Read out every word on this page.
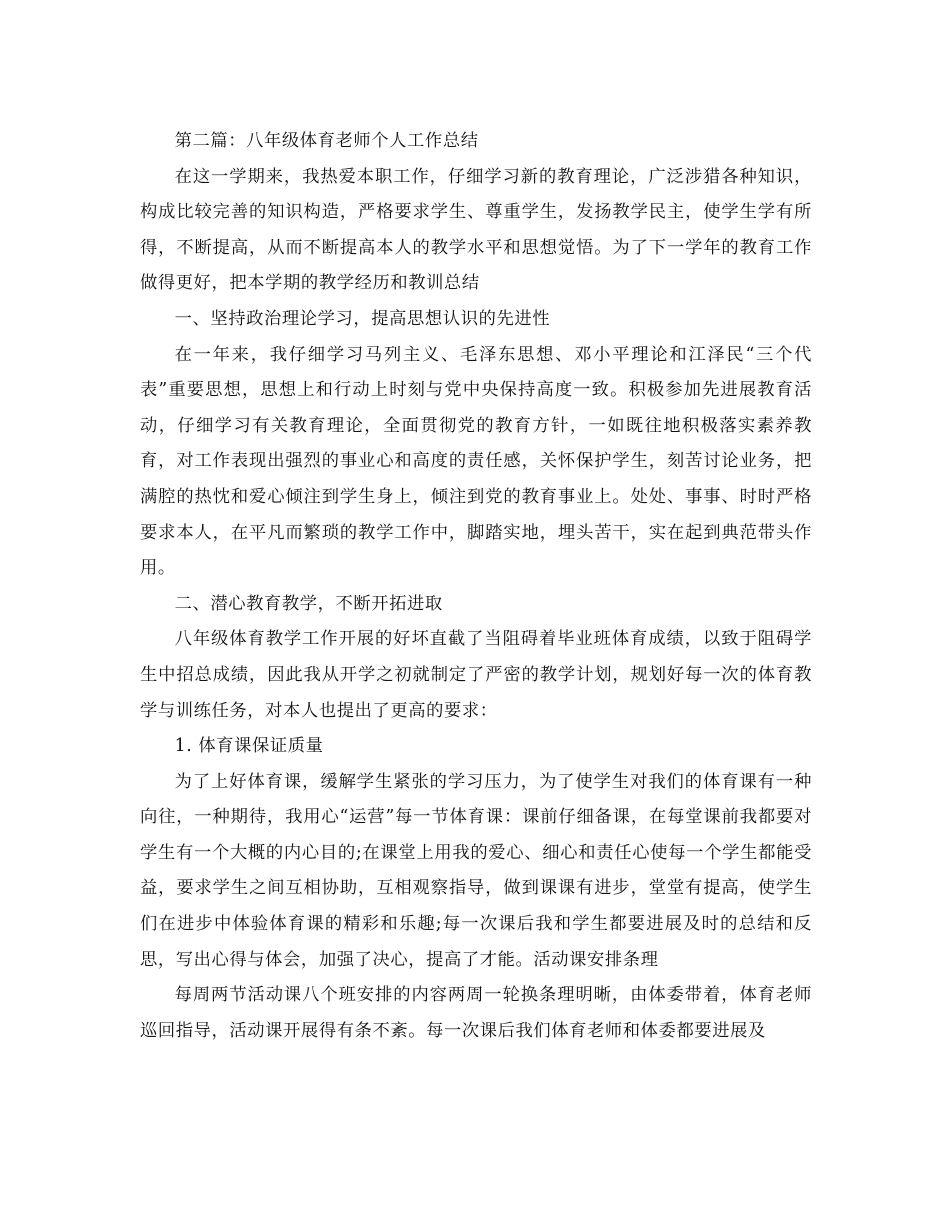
第二篇：八年级体育老师个人工作总结

在这一学期来，我热爱本职工作，仔细学习新的教育理论，广泛涉猎各种知识，构成比较完善的知识构造，严格要求学生、尊重学生，发扬教学民主，使学生学有所得，不断提高，从而不断提高本人的教学水平和思想觉悟。为了下一学年的教育工作做得更好，把本学期的教学经历和教训总结

一、坚持政治理论学习，提高思想认识的先进性

在一年来，我仔细学习马列主义、毛泽东思想、邓小平理论和江泽民“三个代表”重要思想，思想上和行动上时刻与党中央保持高度一致。积极参加先进展教育活动，仔细学习有关教育理论，全面贯彻党的教育方针，一如既往地积极落实素养教育，对工作表现出强烈的事业心和高度的责任感，关怀保护学生，刻苦讨论业务，把满腔的热忱和爱心倾注到学生身上，倾注到党的教育事业上。处处、事事、时时严格要求本人，在平凡而繁琐的教学工作中，脚踏实地，埋头苦干，实在起到典范带头作用。

二、潜心教育教学，不断开拓进取

八年级体育教学工作开展的好坏直截了当阻碍着毕业班体育成绩，以致于阻碍学生中招总成绩，因此我从开学之初就制定了严密的教学计划，规划好每一次的体育教学与训练任务，对本人也提出了更高的要求：

1. 体育课保证质量

为了上好体育课，缓解学生紧张的学习压力，为了使学生对我们的体育课有一种向往，一种期待，我用心“运营”每一节体育课：课前仔细备课，在每堂课前我都要对学生有一个大概的内心目的;在课堂上用我的爱心、细心和责任心使每一个学生都能受益，要求学生之间互相协助，互相观察指导，做到课课有进步，堂堂有提高，使学生们在进步中体验体育课的精彩和乐趣;每一次课后我和学生都要进展及时的总结和反思，写出心得与体会，加强了决心，提高了才能。活动课安排条理

每周两节活动课八个班安排的内容两周一轮换条理明晰，由体委带着，体育老师巡回指导，活动课开展得有条不紊。每一次课后我们体育老师和体委都要进展及
